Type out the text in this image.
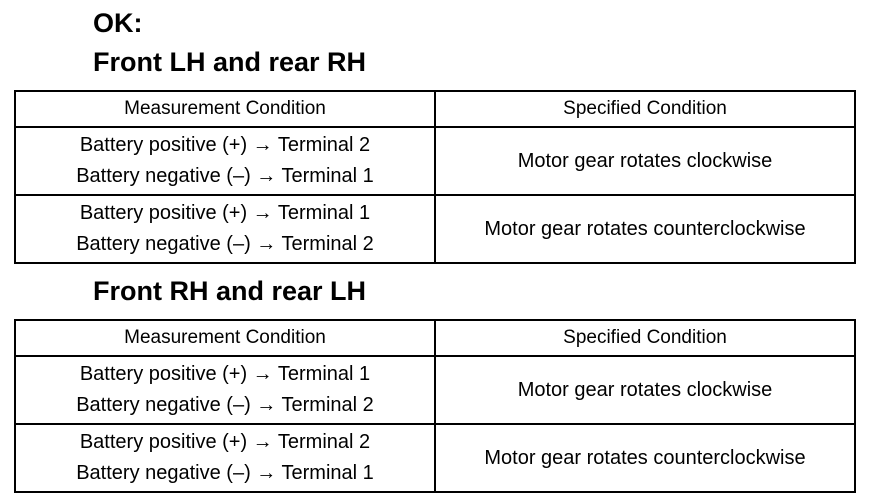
OK:
Front LH and rear RH
Measurement Condition	Specified Condition

Battery positive (+) → Terminal 2
Battery negative (–) → Terminal 1	Motor gear rotates clockwise

Battery positive (+) → Terminal 1
Battery negative (–) → Terminal 2	Motor gear rotates counterclockwise
Front RH and rear LH
Measurement Condition	Specified Condition

Battery positive (+) → Terminal 1
Battery negative (–) → Terminal 2	Motor gear rotates clockwise

Battery positive (+) → Terminal 2
Battery negative (–) → Terminal 1	Motor gear rotates counterclockwise
